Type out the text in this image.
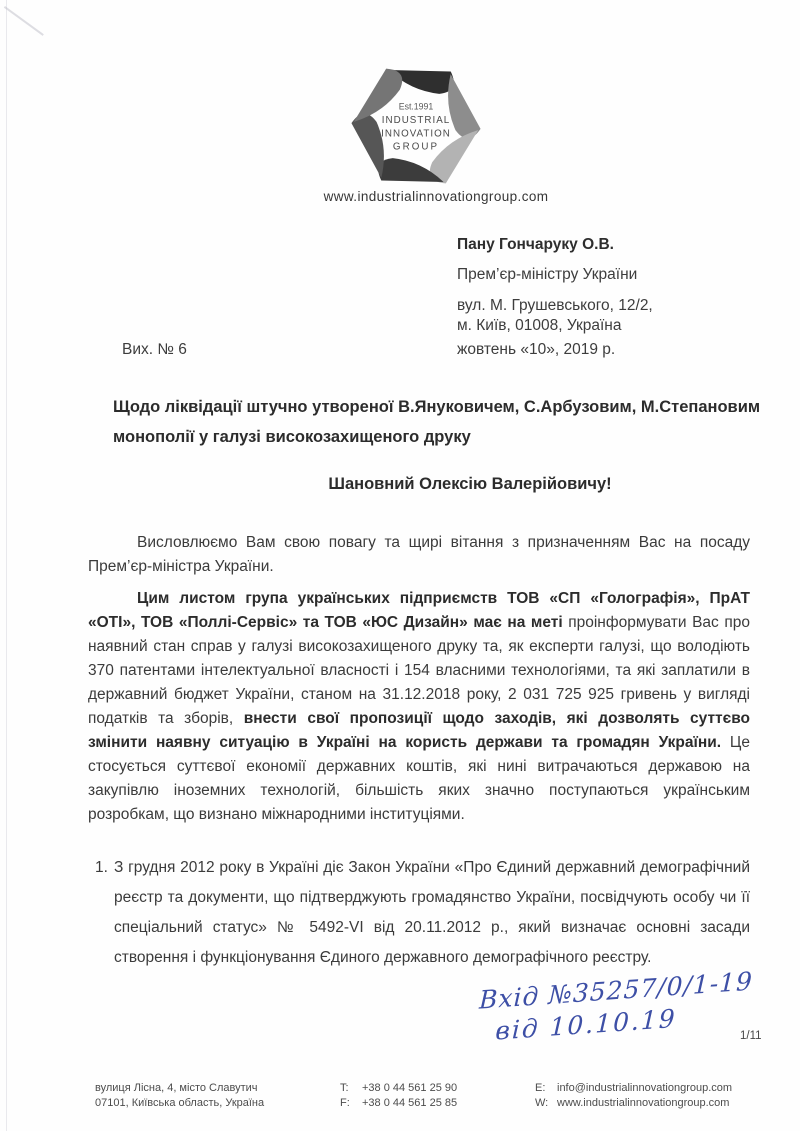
Est.1991
INDUSTRIAL
INNOVATION
GROUP
www.industrialinnovationgroup.com
Пану Гончаруку О.В.
Прем’єр-міністру України
вул. М. Грушевського, 12/2,
м. Київ, 01008, Україна
жовтень «10», 2019 р.
Вих. № 6
Щодо ліквідації штучно утвореної В.Януковичем, С.Арбузовим, М.Степановим монополії у галузі високозахищеного друку
Шановний Олексію Валерійовичу!
Висловлюємо Вам свою повагу та щирі вітання з призначенням Вас на посаду Прем’єр-міністра України.
Цим листом група українських підприємств ТОВ «СП «Голографія», ПрАТ «ОТІ», ТОВ «Поллі-Сервіс» та ТОВ «ЮС Дизайн» має на меті проінформувати Вас про наявний стан справ у галузі високозахищеного друку та, як експерти галузі, що володіють 370 патентами інтелектуальної власності і 154 власними технологіями, та які заплатили в державний бюджет України, станом на 31.12.2018 року, 2 031 725 925 гривень у вигляді податків та зборів, внести свої пропозиції щодо заходів, які дозволять суттєво змінити наявну ситуацію в Україні на користь держави та громадян України. Це стосується суттєвої економії державних коштів, які нині витрачаються державою на закупівлю іноземних технологій, більшість яких значно поступаються українським розробкам, що визнано міжнародними інституціями.
1. З грудня 2012 року в Україні діє Закон України «Про Єдиний державний демографічний реєстр та документи, що підтверджують громадянство України, посвідчують особу чи її спеціальний статус» № 5492-VI від 20.11.2012 р., який визначає основні засади створення і функціонування Єдиного державного демографічного реєстру.
Вхід №35257/0/1-19
від 10.10.19	1/11
вулиця Лісна, 4, місто Славутич
07101, Київська область, Україна
T: +38 0 44 561 25 90
F: +38 0 44 561 25 85
E: info@industrialinnovationgroup.com
W: www.industrialinnovationgroup.com
